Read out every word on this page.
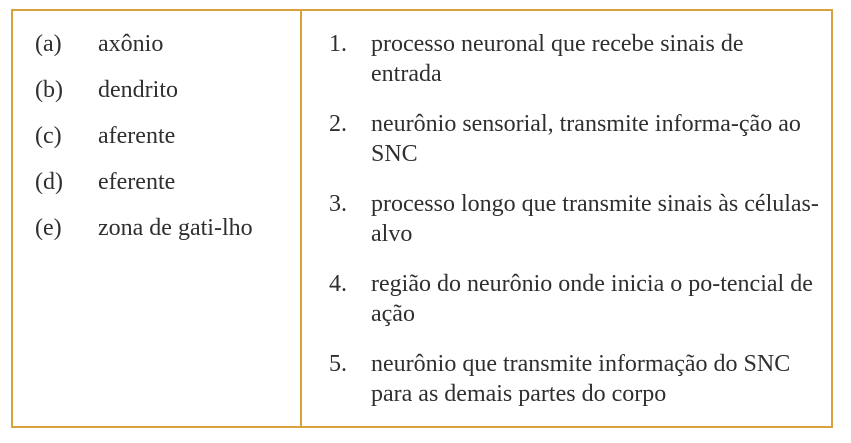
(a)	axônio
(b)	dendrito
(c)	aferente
(d)	eferente
(e)	zona de gati-lho
1.	processo neuronal que recebe sinais de entrada
2.	neurônio sensorial, transmite informa-ção ao SNC
3.	processo longo que transmite sinais às células-alvo
4.	região do neurônio onde inicia o po-tencial de ação
5.	neurônio que transmite informação do SNC para as demais partes do corpo
